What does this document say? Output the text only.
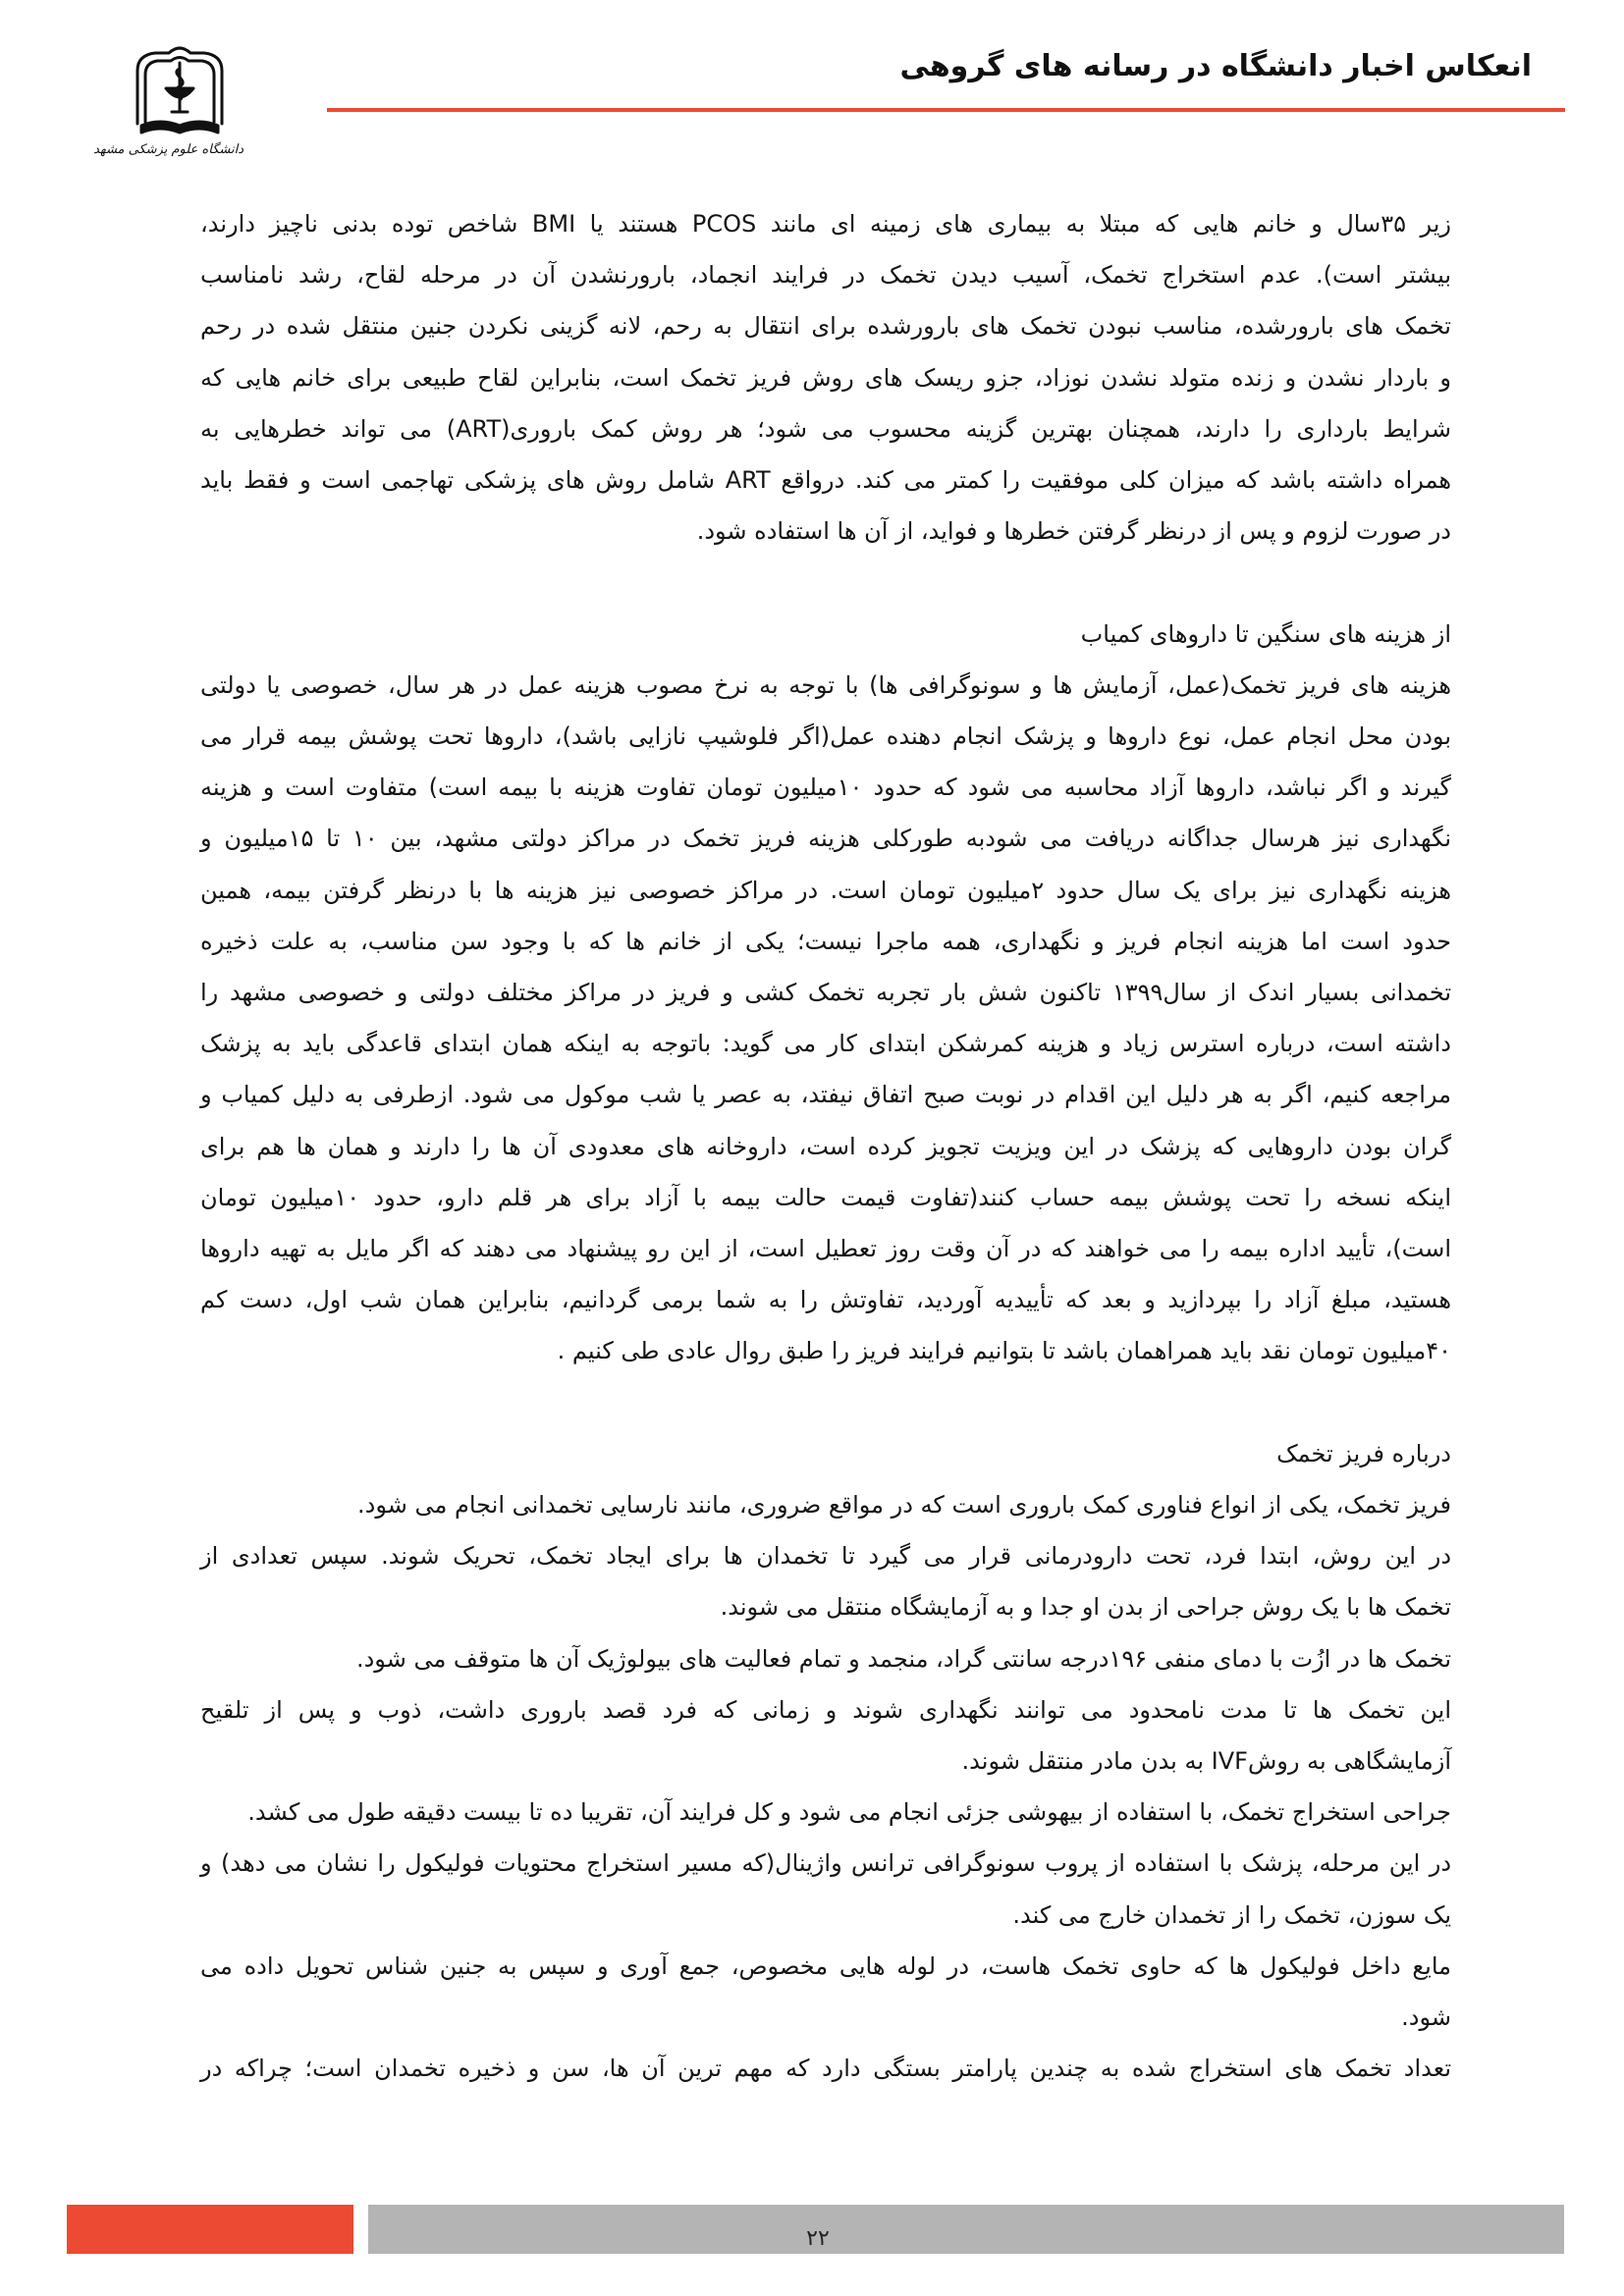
دانشگاه علوم پزشکی مشهد
انعکاس اخبار دانشگاه در رسانه های گروهی
زیر ۳۵سال و خانم هایی که مبتلا به بیماری های زمینه ای مانند PCOS هستند یا BMI شاخص توده بدنی ناچیز دارند،
بیشتر است). عدم استخراج تخمک، آسیب دیدن تخمک در فرایند انجماد، بارورنشدن آن در مرحله لقاح، رشد نامناسب
تخمک های بارورشده، مناسب نبودن تخمک های بارورشده برای انتقال به رحم، لانه گزینی نکردن جنین منتقل شده در رحم
و باردار نشدن و زنده متولد نشدن نوزاد، جزو ریسک های روش فریز تخمک است، بنابراین لقاح طبیعی برای خانم هایی که
شرایط بارداری را دارند، همچنان بهترین گزینه محسوب می شود؛ هر روش کمک باروری(ART) می تواند خطرهایی به
همراه داشته باشد که میزان کلی موفقیت را کمتر می کند. درواقع ART شامل روش های پزشکی تهاجمی است و فقط باید
در صورت لزوم و پس از درنظر گرفتن خطرها و فواید، از آن ها استفاده شود.
از هزینه های سنگین تا داروهای کمیاب
هزینه های فریز تخمک(عمل، آزمایش ها و سونوگرافی ها) با توجه به نرخ مصوب هزینه عمل در هر سال، خصوصی یا دولتی
بودن محل انجام عمل، نوع داروها و پزشک انجام دهنده عمل(اگر فلوشیپ نازایی باشد)، داروها تحت پوشش بیمه قرار می
گیرند و اگر نباشد، داروها آزاد محاسبه می شود که حدود ۱۰میلیون تومان تفاوت هزینه با بیمه است) متفاوت است و هزینه
نگهداری نیز هرسال جداگانه دریافت می شودبه طورکلی هزینه فریز تخمک در مراکز دولتی مشهد، بین ۱۰ تا ۱۵میلیون و
هزینه نگهداری نیز برای یک سال حدود ۲میلیون تومان است. در مراکز خصوصی نیز هزینه ها با درنظر گرفتن بیمه، همین
حدود است اما هزینه انجام فریز و نگهداری، همه ماجرا نیست؛ یکی از خانم ها که با وجود سن مناسب، به علت ذخیره
تخمدانی بسیار اندک از سال۱۳۹۹ تاکنون شش بار تجربه تخمک کشی و فریز در مراکز مختلف دولتی و خصوصی مشهد را
داشته است، درباره استرس زیاد و هزینه کمرشکن ابتدای کار می گوید: باتوجه به اینکه همان ابتدای قاعدگی باید به پزشک
مراجعه کنیم، اگر به هر دلیل این اقدام در نوبت صبح اتفاق نیفتد، به عصر یا شب موکول می شود. ازطرفی به دلیل کمیاب و
گران بودن داروهایی که پزشک در این ویزیت تجویز کرده است، داروخانه های معدودی آن ها را دارند و همان ها هم برای
اینکه نسخه را تحت پوشش بیمه حساب کنند(تفاوت قیمت حالت بیمه با آزاد برای هر قلم دارو، حدود ۱۰میلیون تومان
است)، تأیید اداره بیمه را می خواهند که در آن وقت روز تعطیل است، از این رو پیشنهاد می دهند که اگر مایل به تهیه داروها
هستید، مبلغ آزاد را بپردازید و بعد که تأییدیه آوردید، تفاوتش را به شما برمی گردانیم، بنابراین همان شب اول، دست کم
۴۰میلیون تومان نقد باید همراهمان باشد تا بتوانیم فرایند فریز را طبق روال عادی طی کنیم .
درباره فریز تخمک
فریز تخمک، یکی از انواع فناوری کمک باروری است که در مواقع ضروری، مانند نارسایی تخمدانی انجام می شود.
در این روش، ابتدا فرد، تحت دارودرمانی قرار می گیرد تا تخمدان ها برای ایجاد تخمک، تحریک شوند. سپس تعدادی از
تخمک ها با یک روش جراحی از بدن او جدا و به آزمایشگاه منتقل می شوند.
تخمک ها در ازُت با دمای منفی ۱۹۶درجه سانتی گراد، منجمد و تمام فعالیت های بیولوژیک آن ها متوقف می شود.
این تخمک ها تا مدت نامحدود می توانند نگهداری شوند و زمانی که فرد قصد باروری داشت، ذوب و پس از تلقیح
آزمایشگاهی به روشIVF به بدن مادر منتقل شوند.
جراحی استخراج تخمک، با استفاده از بیهوشی جزئی انجام می شود و کل فرایند آن، تقریبا ده تا بیست دقیقه طول می کشد.
در این مرحله، پزشک با استفاده از پروب سونوگرافی ترانس واژینال(که مسیر استخراج محتویات فولیکول را نشان می دهد) و
یک سوزن، تخمک را از تخمدان خارج می کند.
مایع داخل فولیکول ها که حاوی تخمک هاست، در لوله هایی مخصوص، جمع آوری و سپس به جنین شناس تحویل داده می
شود.
تعداد تخمک های استخراج شده به چندین پارامتر بستگی دارد که مهم ترین آن ها، سن و ذخیره تخمدان است؛ چراکه در
۲۲
